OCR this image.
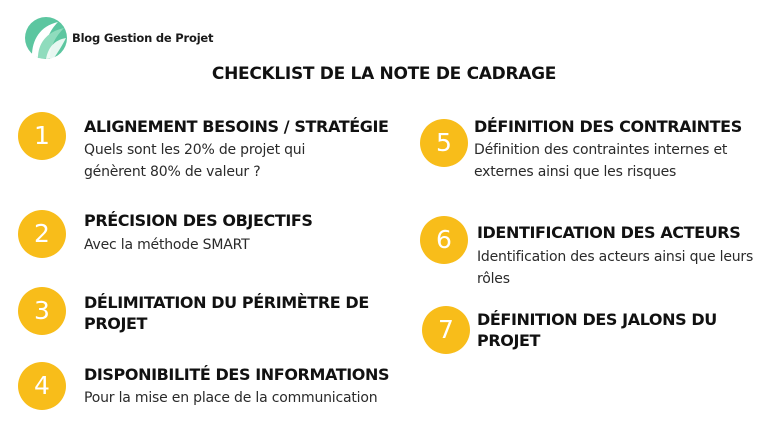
Blog Gestion de Projet
CHECKLIST DE LA NOTE DE CADRAGE
1	ALIGNEMENT BESOINS / STRATÉGIE
Quels sont les 20% de projet qui génèrent 80% de valeur ?
2	PRÉCISION DES OBJECTIFS
Avec la méthode SMART
3	DÉLIMITATION DU PÉRIMÈTRE DE PROJET
4	DISPONIBILITÉ DES INFORMATIONS
Pour la mise en place de la communication
5
DÉFINITION DES CONTRAINTES
Définition des contraintes internes et externes ainsi que les risques
6	IDENTIFICATION DES ACTEURS
Identification des acteurs ainsi que leurs rôles
7	DÉFINITION DES JALONS DU PROJET
